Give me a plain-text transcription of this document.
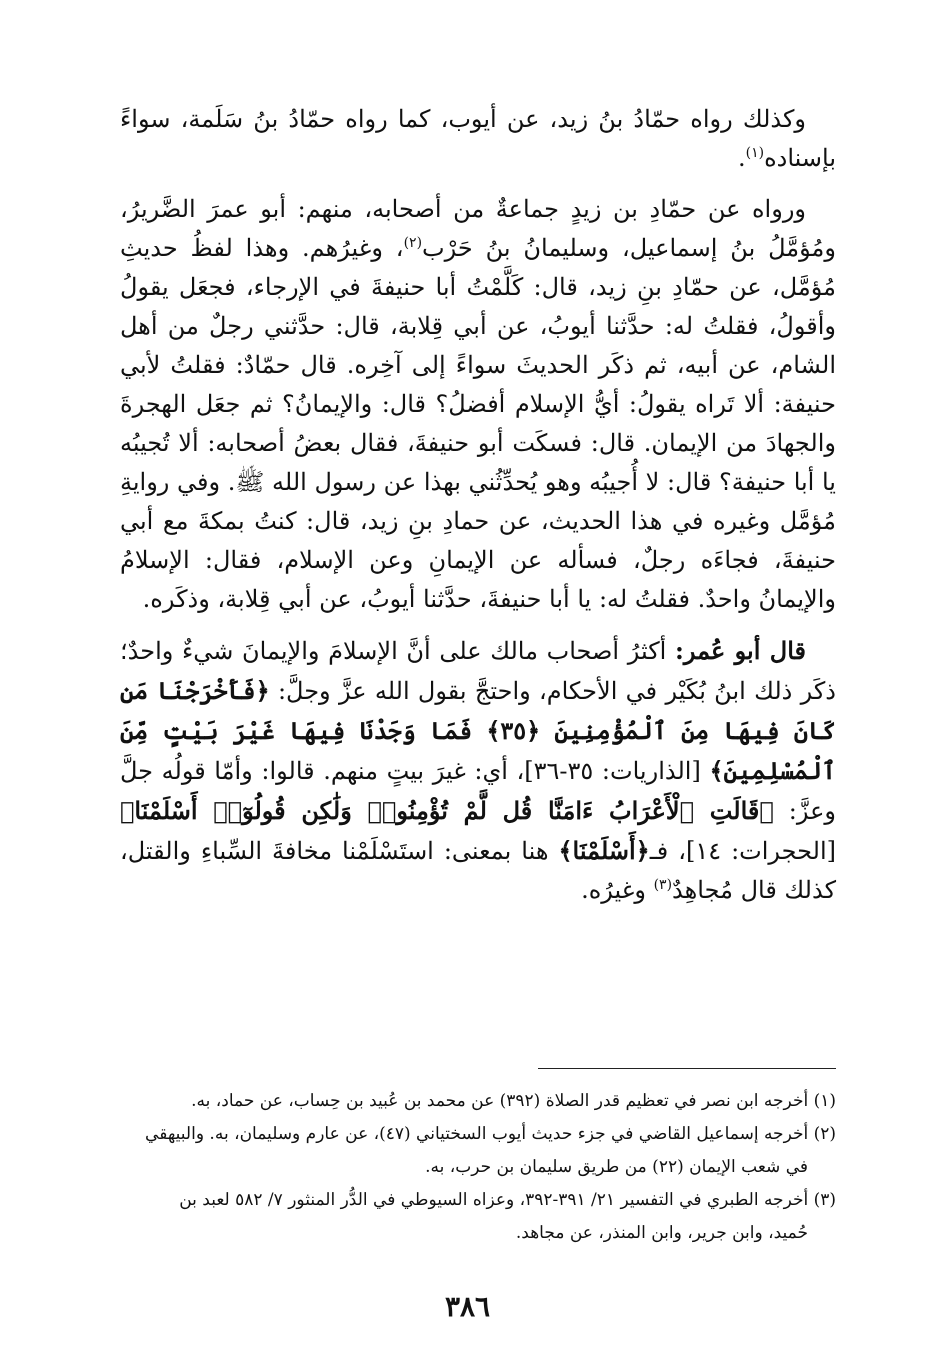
وكذلك رواه حمّادُ بنُ زيد، عن أيوب، كما رواه حمّادُ بنُ سَلَمة، سواءً بإسناده$^{(١)}$.

ورواه عن حمّادِ بن زيدٍ جماعةٌ من أصحابه، منهم: أبو عمرَ الضَّريرُ، ومُؤمَّلُ بنُ إسماعيل، وسليمانُ بنُ حَرْب$^{(٢)}$، وغيرُهم. وهذا لفظُ حديثِ مُؤمَّل، عن حمّادِ بنِ زيد، قال: كَلَّمْتُ أبا حنيفةَ في الإرجاء، فجعَل يقولُ وأقولُ، فقلتُ له: حدَّثنا أيوبُ، عن أبي قِلابة، قال: حدَّثني رجلٌ من أهل الشام، عن أبيه، ثم ذكَر الحديثَ سواءً إلى آخِره. قال حمّادٌ: فقلتُ لأبي حنيفة: ألا تَراه يقولُ: أيُّ الإسلام أفضلُ؟ قال: والإيمانُ؟ ثم جعَل الهجرةَ والجهادَ من الإيمان. قال: فسكَت أبو حنيفةَ، فقال بعضُ أصحابه: ألا تُجيبُه يا أبا حنيفة؟ قال: لا أُجيبُه وهو يُحدِّثُني بهذا عن رسول الله ﷺ. وفي روايةِ مُؤمَّل وغيره في هذا الحديث، عن حمادِ بنِ زيد، قال: كنتُ بمكةَ مع أبي حنيفةَ، فجاءَه رجلٌ، فسأله عن الإيمانِ وعن الإسلام، فقال: الإسلامُ والإيمانُ واحدٌ. فقلتُ له: يا أبا حنيفةَ، حدَّثنا أيوبُ، عن أبي قِلابة، وذكَره.

قال أبو عُمر: أكثرُ أصحاب مالك على أنَّ الإسلامَ والإيمانَ شيءٌ واحدٌ؛ ذكَر ذلك ابنُ بُكَيْر في الأحكام، واحتجَّ بقول الله عزَّ وجلَّ: ﴿فَأَخْرَجْنَا مَن كَانَ فِيهَا مِنَ ٱلْمُؤْمِنِينَ ﴿٣٥﴾ فَمَا وَجَدْنَا فِيهَا غَيْرَ بَيْتٍ مِّنَ ٱلْمُسْلِمِينَ﴾ [الذاريات: ٣٥-٣٦]، أي: غيرَ بيتٍ منهم. قالوا: وأمّا قولُه جلَّ وعزَّ: ﴿قَالَتِ ٱلْأَعْرَابُ ءَامَنَّا قُل لَّمْ تُؤْمِنُوا۟ وَلَٰكِن قُولُوٓا۟ أَسْلَمْنَا﴾ [الحجرات: ١٤]، فـ﴿أَسْلَمْنَا﴾ هنا بمعنى: استَسْلَمْنا مخافةَ السِّباءِ والقتل، كذلك قال مُجاهِدٌ$^{(٣)}$ وغيرُه.

(١) أخرجه ابن نصر في تعظيم قدر الصلاة (٣٩٢) عن محمد بن عُبيد بن حِساب، عن حماد، به.

(٢) أخرجه إسماعيل القاضي في جزء حديث أيوب السختياني (٤٧)، عن عارم وسليمان، به. والبيهقي

في شعب الإيمان (٢٢) من طريق سليمان بن حرب، به.

(٣) أخرجه الطبري في التفسير ٢١/ ٣٩١-٣٩٢، وعزاه السيوطي في الدُّر المنثور ٧/ ٥٨٢ لعبد بن

حُميد، وابن جرير، وابن المنذر، عن مجاهد.

٣٨٦
